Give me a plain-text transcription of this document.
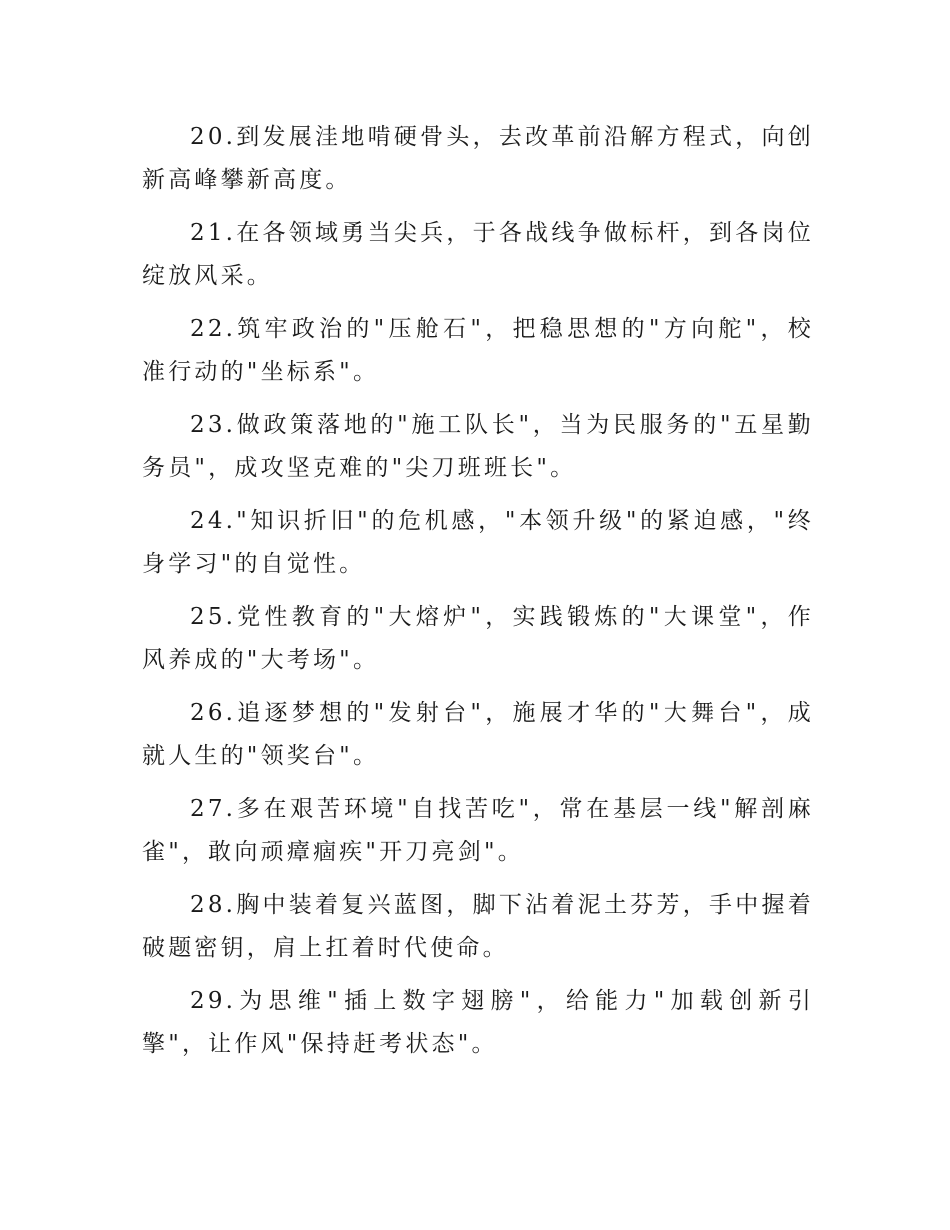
20.到发展洼地啃硬骨头，去改革前沿解方程式，向创新高峰攀新高度。

21.在各领域勇当尖兵，于各战线争做标杆，到各岗位绽放风采。

22.筑牢政治的"压舱石"，把稳思想的"方向舵"，校准行动的"坐标系"。

23.做政策落地的"施工队长"，当为民服务的"五星勤务员"，成攻坚克难的"尖刀班班长"。

24."知识折旧"的危机感，"本领升级"的紧迫感，"终身学习"的自觉性。

25.党性教育的"大熔炉"，实践锻炼的"大课堂"，作风养成的"大考场"。

26.追逐梦想的"发射台"，施展才华的"大舞台"，成就人生的"领奖台"。

27.多在艰苦环境"自找苦吃"，常在基层一线"解剖麻雀"，敢向顽瘴痼疾"开刀亮剑"。

28.胸中装着复兴蓝图，脚下沾着泥土芬芳，手中握着破题密钥，肩上扛着时代使命。

29.为思维"插上数字翅膀"，给能力"加载创新引擎"，让作风"保持赶考状态"。
